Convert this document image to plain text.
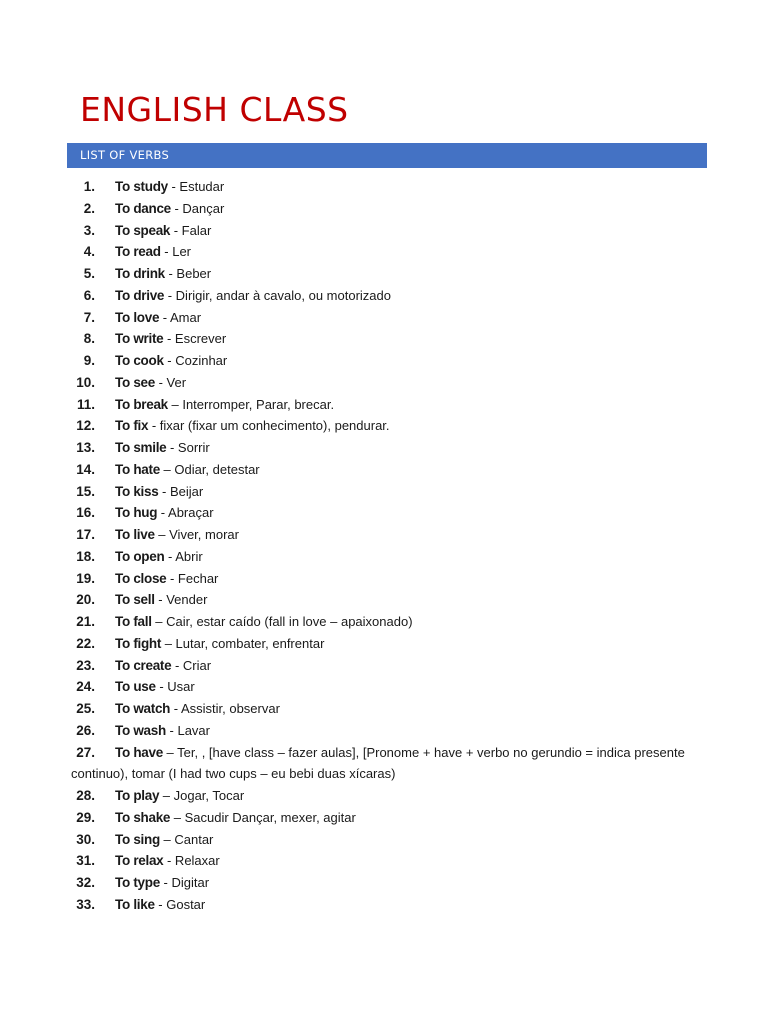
ENGLISH CLASS
LIST OF VERBS
1. To study - Estudar
2. To dance - Dançar
3. To speak - Falar
4. To read - Ler
5. To drink - Beber
6. To drive - Dirigir, andar à cavalo, ou motorizado
7. To love - Amar
8. To write - Escrever
9. To cook - Cozinhar
10. To see - Ver
11. To break – Interromper, Parar, brecar.
12. To fix - fixar (fixar um conhecimento), pendurar.
13. To smile - Sorrir
14. To hate – Odiar, detestar
15. To kiss - Beijar
16. To hug - Abraçar
17. To live – Viver, morar
18. To open - Abrir
19. To close - Fechar
20. To sell - Vender
21. To fall – Cair, estar caído (fall in love – apaixonado)
22. To fight – Lutar, combater, enfrentar
23. To create - Criar
24. To use - Usar
25. To watch - Assistir, observar
26. To wash - Lavar
27. To have – Ter, , [have class – fazer aulas], [Pronome + have + verbo no gerundio = indica presente continuo), tomar (I had two cups – eu bebi duas xícaras)
28. To play – Jogar, Tocar
29. To shake – Sacudir Dançar, mexer, agitar
30. To sing – Cantar
31. To relax - Relaxar
32. To type - Digitar
33. To like - Gostar
